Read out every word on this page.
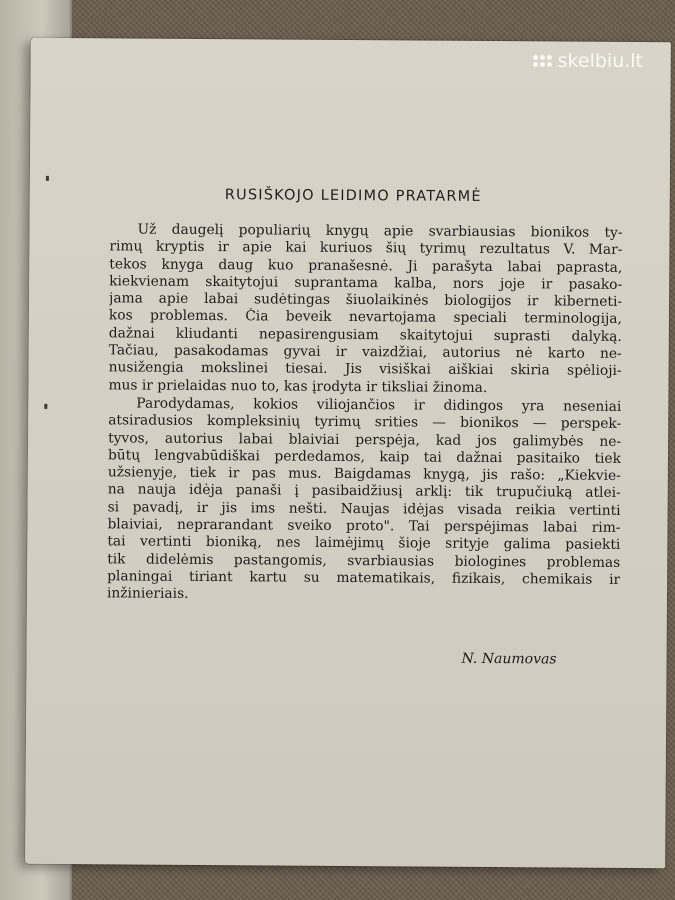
RUSIŠKOJO LEIDIMO PRATARMĖ
Už daugelį populiarių knygų apie svarbiausias bionikos ty-
rimų kryptis ir apie kai kuriuos šių tyrimų rezultatus V. Mar-
tekos knyga daug kuo pranašesnė. Ji parašyta labai paprasta,
kiekvienam skaitytojui suprantama kalba, nors joje ir pasako-
jama apie labai sudėtingas šiuolaikinės biologijos ir kiberneti-
kos problemas. Čia beveik nevartojama speciali terminologija,
dažnai kliudanti nepasirengusiam skaitytojui suprasti dalyką.
Tačiau, pasakodamas gyvai ir vaizdžiai, autorius nė karto ne-
nusižengia mokslinei tiesai. Jis visiškai aiškiai skiria spėlioji-
mus ir prielaidas nuo to, kas įrodyta ir tiksliai žinoma.
Parodydamas, kokios viliojančios ir didingos yra neseniai
atsiradusios kompleksinių tyrimų srities — bionikos — perspek-
tyvos, autorius labai blaiviai perspėja, kad jos galimybės ne-
būtų lengvabūdiškai perdedamos, kaip tai dažnai pasitaiko tiek
užsienyje, tiek ir pas mus. Baigdamas knygą, jis rašo: „Kiekvie-
na nauja idėja panaši į pasibaidžiusį arklį: tik trupučiuką atlei-
si pavadį, ir jis ims nešti. Naujas idėjas visada reikia vertinti
blaiviai, neprarandant sveiko proto". Tai perspėjimas labai rim-
tai vertinti bioniką, nes laimėjimų šioje srityje galima pasiekti
tik didelėmis pastangomis, svarbiausias biologines problemas
planingai tiriant kartu su matematikais, fizikais, chemikais ir
inžinieriais.
N. Naumovas
skelbiu.lt
